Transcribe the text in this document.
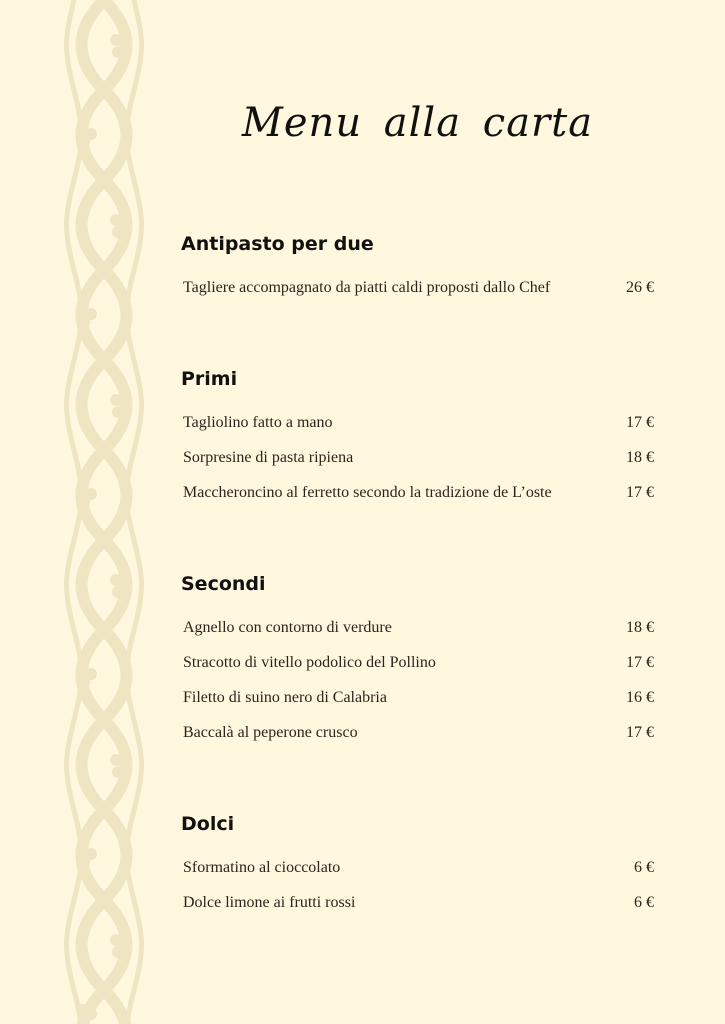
Menu alla carta
Antipasto per due
Tagliere accompagnato da piatti caldi proposti dallo Chef	26 €
Primi
Tagliolino fatto a mano	17 €
Sorpresine di pasta ripiena	18 €
Maccheroncino al ferretto secondo la tradizione de L’oste	17 €
Secondi
Agnello con contorno di verdure	18 €
Stracotto di vitello podolico del Pollino	17 €
Filetto di suino nero di Calabria	16 €
Baccalà al peperone crusco	17 €
Dolci
Sformatino al cioccolato	6 €
Dolce limone ai frutti rossi	6 €
